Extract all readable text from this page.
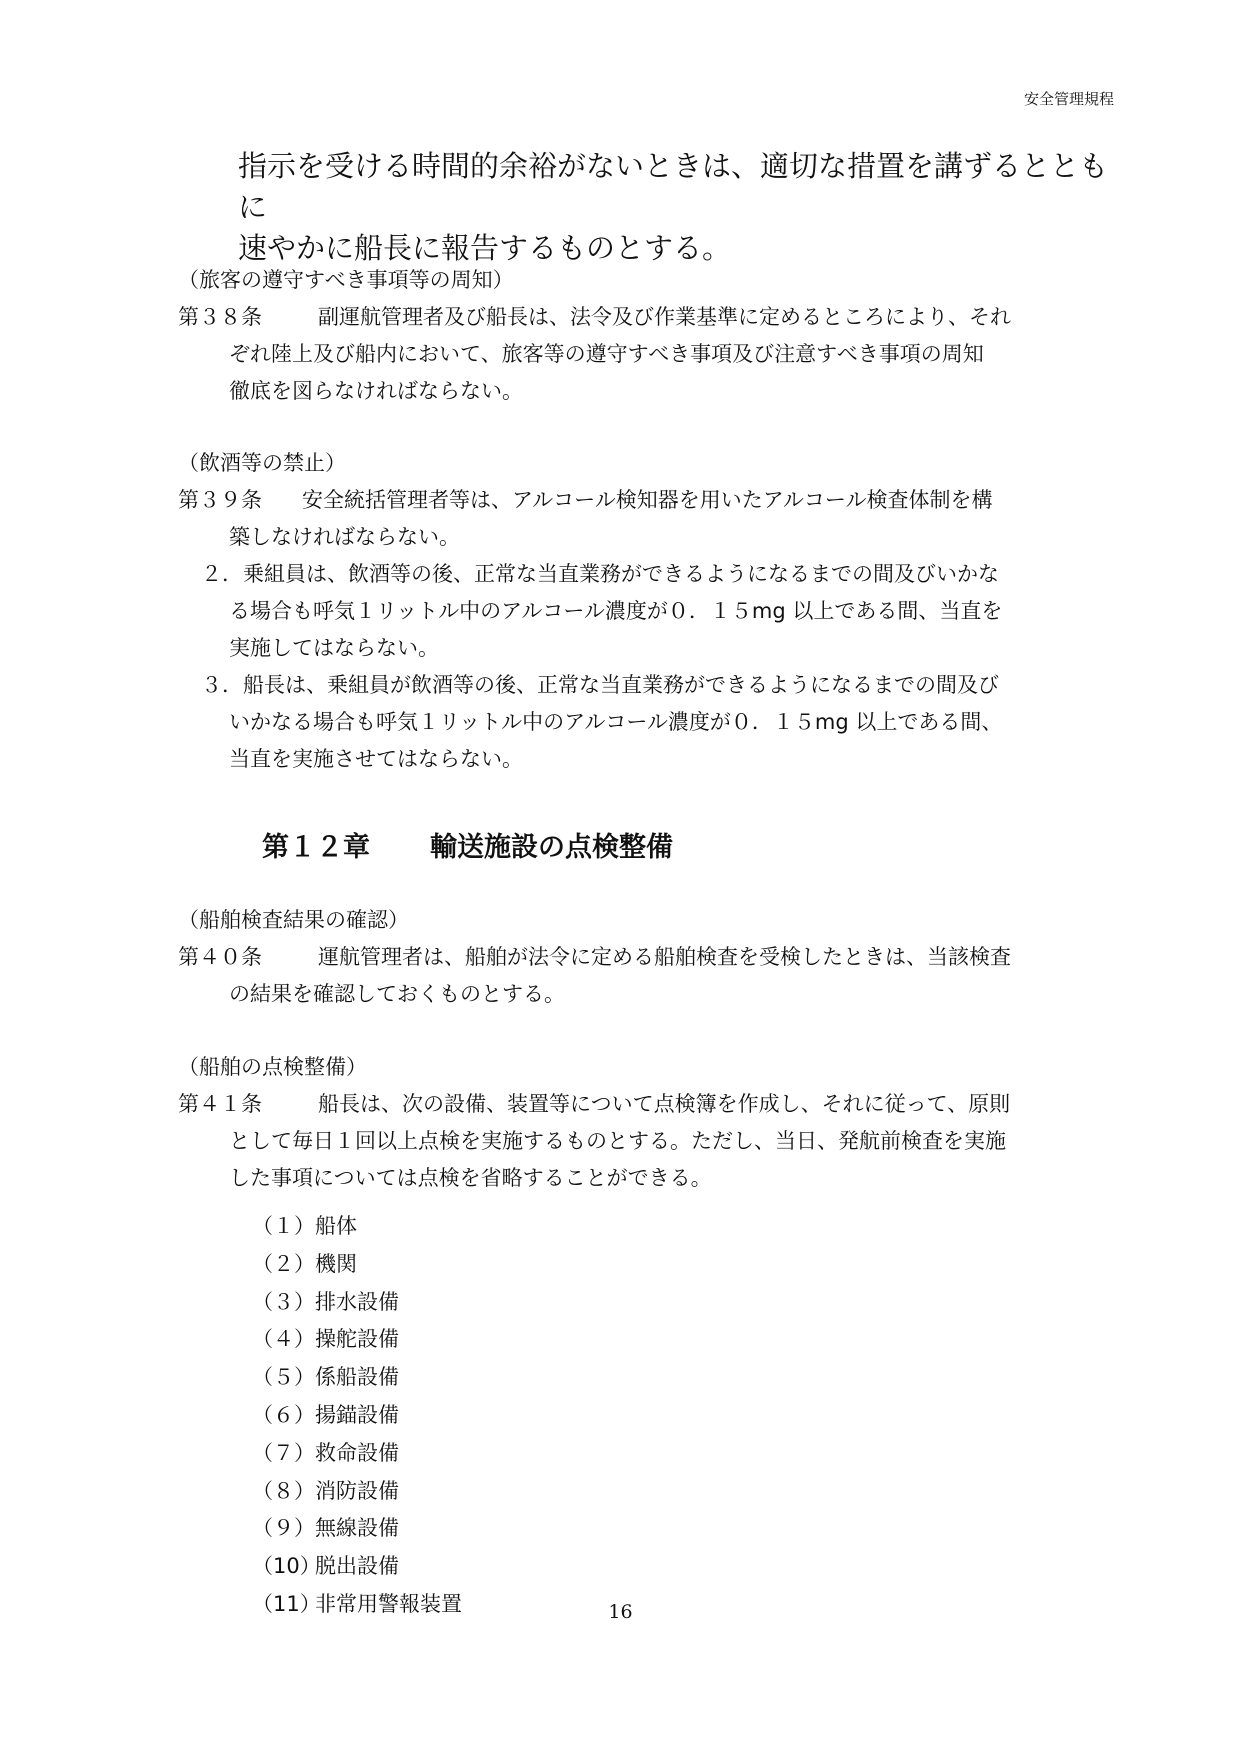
安全管理規程
指示を受ける時間的余裕がないときは、適切な措置を講ずるとともに
速やかに船長に報告するものとする。
（旅客の遵守すべき事項等の周知）
第３８条	副運航管理者及び船長は、法令及び作業基準に定めるところにより、それ
ぞれ陸上及び船内において、旅客等の遵守すべき事項及び注意すべき事項の周知
徹底を図らなければならない。
（飲酒等の禁止）
第３９条 安全統括管理者等は、アルコール検知器を用いたアルコール検査体制を構
築しなければならない。
２．乗組員は、飲酒等の後、正常な当直業務ができるようになるまでの間及びいかな
る場合も呼気１リットル中のアルコール濃度が０．１５mg 以上である間、当直を
実施してはならない。
３．船長は、乗組員が飲酒等の後、正常な当直業務ができるようになるまでの間及び
いかなる場合も呼気１リットル中のアルコール濃度が０．１５mg 以上である間、
当直を実施させてはならない。
第１２章 輸送施設の点検整備
（船舶検査結果の確認）
第４０条	運航管理者は、船舶が法令に定める船舶検査を受検したときは、当該検査
の結果を確認しておくものとする。
（船舶の点検整備）
第４１条	船長は、次の設備、装置等について点検簿を作成し、それに従って、原則
として毎日１回以上点検を実施するものとする。ただし、当日、発航前検査を実施
した事項については点検を省略することができる。
（１）船体
（２）機関
（３）排水設備
（４）操舵設備
（５）係船設備
（６）揚錨設備
（７）救命設備
（８）消防設備
（９）無線設備
（10）脱出設備
（11）非常用警報装置	16
